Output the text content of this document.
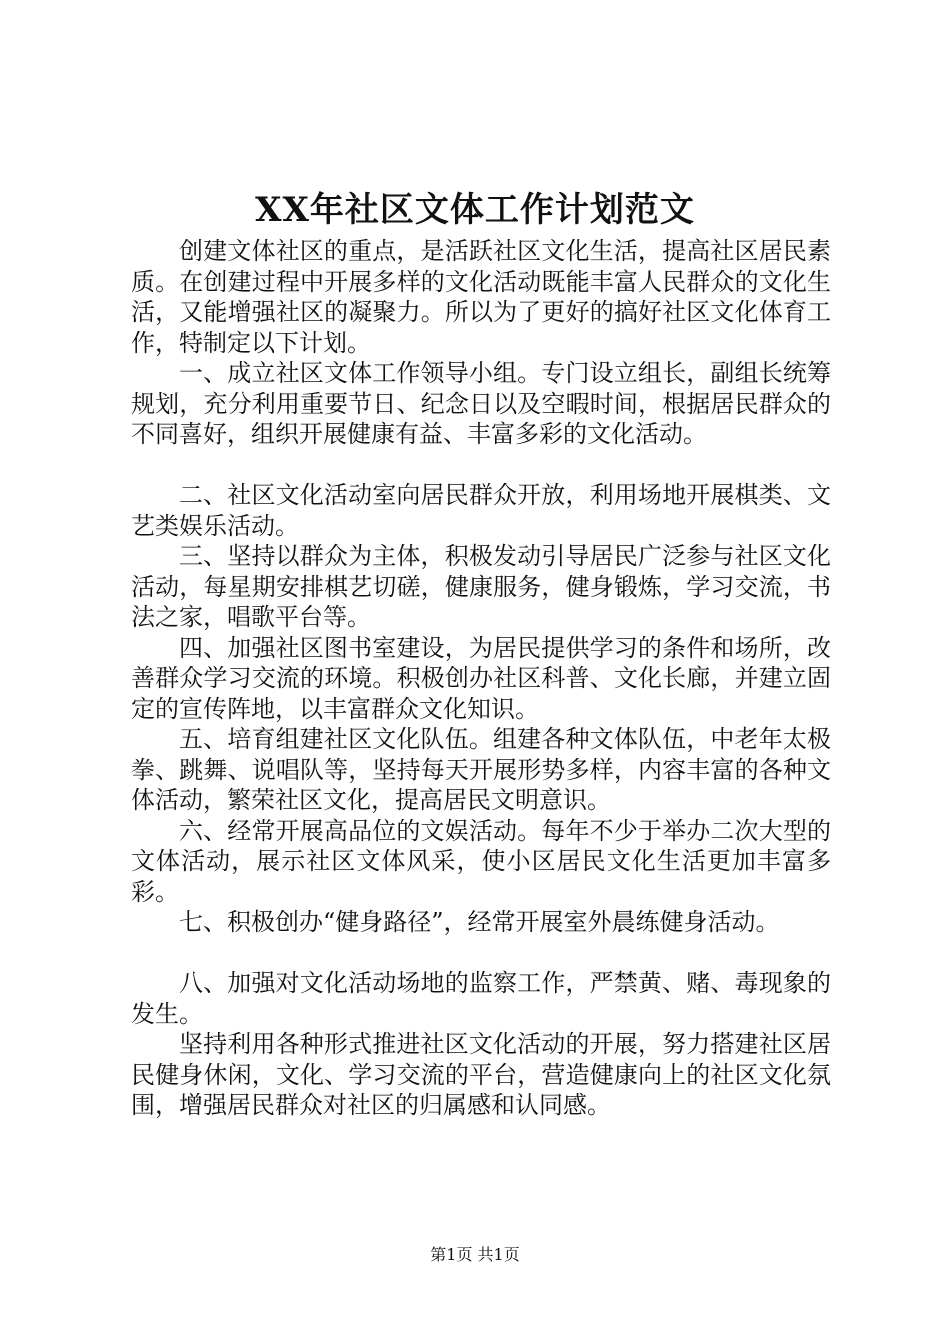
XX年社区文体工作计划范文

创建文体社区的重点，是活跃社区文化生活，提高社区居民素质。在创建过程中开展多样的文化活动既能丰富人民群众的文化生活，又能增强社区的凝聚力。所以为了更好的搞好社区文化体育工作，特制定以下计划。

一、成立社区文体工作领导小组。专门设立组长，副组长统筹规划，充分利用重要节日、纪念日以及空暇时间，根据居民群众的不同喜好，组织开展健康有益、丰富多彩的文化活动。

二、社区文化活动室向居民群众开放，利用场地开展棋类、文艺类娱乐活动。

三、坚持以群众为主体，积极发动引导居民广泛参与社区文化活动，每星期安排棋艺切磋，健康服务，健身锻炼，学习交流，书法之家，唱歌平台等。

四、加强社区图书室建设，为居民提供学习的条件和场所，改善群众学习交流的环境。积极创办社区科普、文化长廊，并建立固定的宣传阵地，以丰富群众文化知识。

五、培育组建社区文化队伍。组建各种文体队伍，中老年太极拳、跳舞、说唱队等，坚持每天开展形势多样，内容丰富的各种文体活动，繁荣社区文化，提高居民文明意识。

六、经常开展高品位的文娱活动。每年不少于举办二次大型的文体活动，展示社区文体风采，使小区居民文化生活更加丰富多彩。

七、积极创办“健身路径”，经常开展室外晨练健身活动。

八、加强对文化活动场地的监察工作，严禁黄、赌、毒现象的发生。

坚持利用各种形式推进社区文化活动的开展，努力搭建社区居民健身休闲，文化、学习交流的平台，营造健康向上的社区文化氛围，增强居民群众对社区的归属感和认同感。

第1页 共1页
